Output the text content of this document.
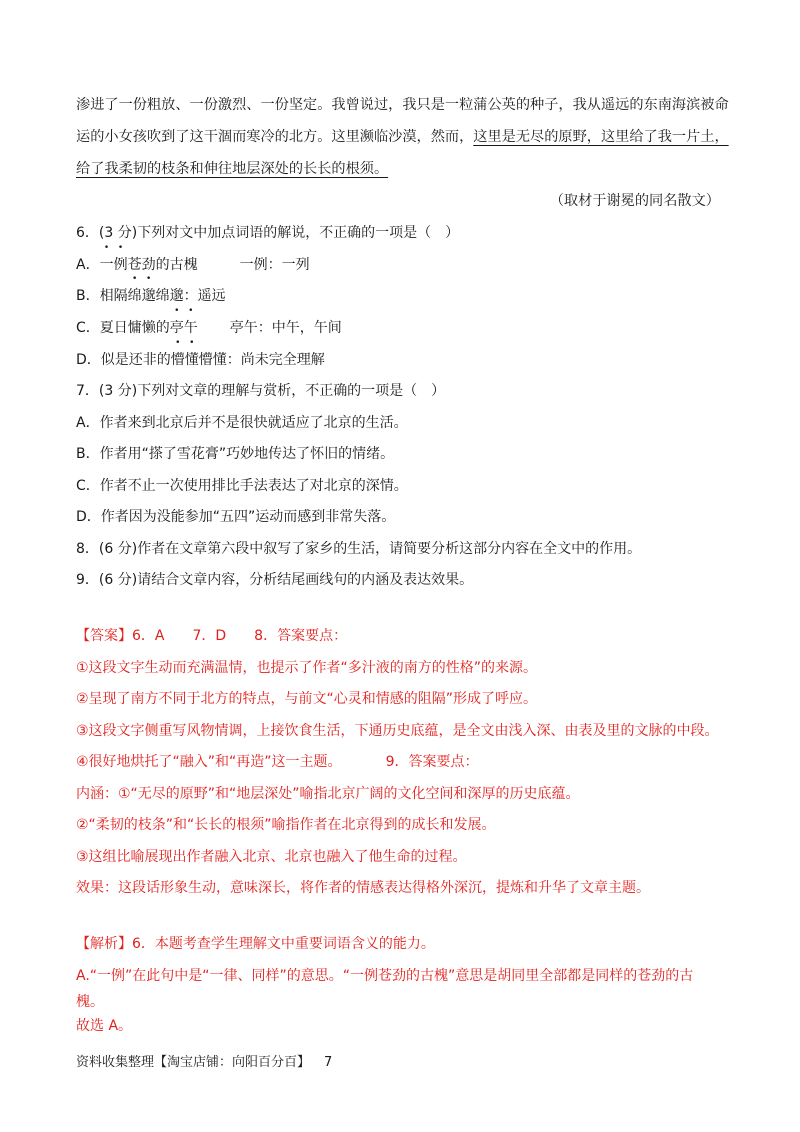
渗进了一份粗放、一份激烈、一份坚定。我曾说过，我只是一粒蒲公英的种子，我从遥远的东南海滨被命
运的小女孩吹到了这干涸而寒冷的北方。这里濒临沙漠，然而，这里是无尽的原野，这里给了我一片土，
给了我柔韧的枝条和伸往地层深处的长长的根须。
（取材于谢冕的同名散文）
6．(3 分)下列对文中加点词语的解说，不正确的一项是（　）
A．一例苍劲的古槐	一例：一列
B．相隔绵邈绵邈：遥远
C．夏日慵懒的亭午 亭午：中午，午间
D．似是还非的懵懂懵懂：尚未完全理解
7．(3 分)下列对文章的理解与赏析，不正确的一项是（　）
A．作者来到北京后并不是很快就适应了北京的生活。
B．作者用“搽了雪花膏”巧妙地传达了怀旧的情绪。
C．作者不止一次使用排比手法表达了对北京的深情。
D．作者因为没能参加“五四”运动而感到非常失落。
8．(6 分)作者在文章第六段中叙写了家乡的生活，请简要分析这部分内容在全文中的作用。
9．(6 分)请结合文章内容，分析结尾画线句的内涵及表达效果。
【答案】6．A　　7．D　　8．答案要点：
①这段文字生动而充满温情，也提示了作者“多汁液的南方的性格”的来源。
②呈现了南方不同于北方的特点，与前文“心灵和情感的阻隔”形成了呼应。
③这段文字侧重写风物情调，上接饮食生活，下通历史底蕴，是全文由浅入深、由表及里的文脉的中段。
④很好地烘托了“融入”和“再造”这一主题。	9．答案要点：
内涵：①“无尽的原野”和“地层深处”喻指北京广阔的文化空间和深厚的历史底蕴。
②“柔韧的枝条”和“长长的根须”喻指作者在北京得到的成长和发展。
③这组比喻展现出作者融入北京、北京也融入了他生命的过程。
效果：这段话形象生动，意味深长，将作者的情感表达得格外深沉，提炼和升华了文章主题。
【解析】6．本题考查学生理解文中重要词语含义的能力。
A.“一例”在此句中是“一律、同样”的意思。“一例苍劲的古槐”意思是胡同里全部都是同样的苍劲的古
槐。
故选 A。
资料收集整理【淘宝店铺：向阳百分百】 7
